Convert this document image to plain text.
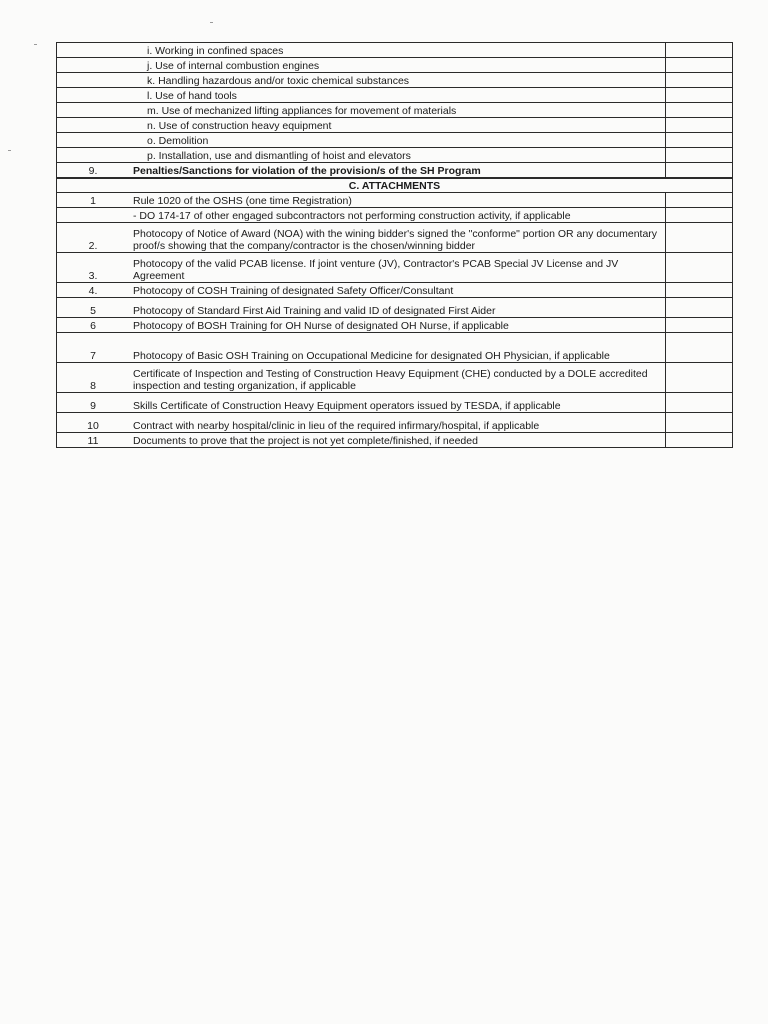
	i. Working in confined spaces	
	j. Use of internal combustion engines	
	k. Handling hazardous and/or toxic chemical substances	
	l. Use of hand tools	
	m. Use of mechanized lifting appliances for movement of materials	
	n. Use of construction heavy equipment	
	o. Demolition	
	p. Installation, use and dismantling of hoist and elevators	
9.	Penalties/Sanctions for violation of the provision/s of the SH Program	
C. ATTACHMENTS		
1	Rule 1020 of the OSHS (one time Registration)	
	- DO 174-17 of other engaged subcontractors not performing construction activity, if applicable	
2.	Photocopy of Notice of Award (NOA) with the wining bidder's signed the "conforme" portion OR any documentary proof/s showing that the company/contractor is the chosen/winning bidder	
3.	Photocopy of the valid PCAB license. If joint venture (JV), Contractor's PCAB Special JV License and JV Agreement	
4.	Photocopy of COSH Training of designated Safety Officer/Consultant	
5	Photocopy of Standard First Aid Training and valid ID of designated First Aider	
6	Photocopy of BOSH Training for OH Nurse of designated OH Nurse, if applicable	
7	Photocopy of Basic OSH Training on Occupational Medicine for designated OH Physician, if applicable	
8	Certificate of Inspection and Testing of Construction Heavy Equipment (CHE) conducted by a DOLE accredited inspection and testing organization, if applicable	
9	Skills Certificate of Construction Heavy Equipment operators issued by TESDA, if applicable	
10	Contract with nearby hospital/clinic in lieu of the required infirmary/hospital, if applicable	
11	Documents to prove that the project is not yet complete/finished, if needed	
